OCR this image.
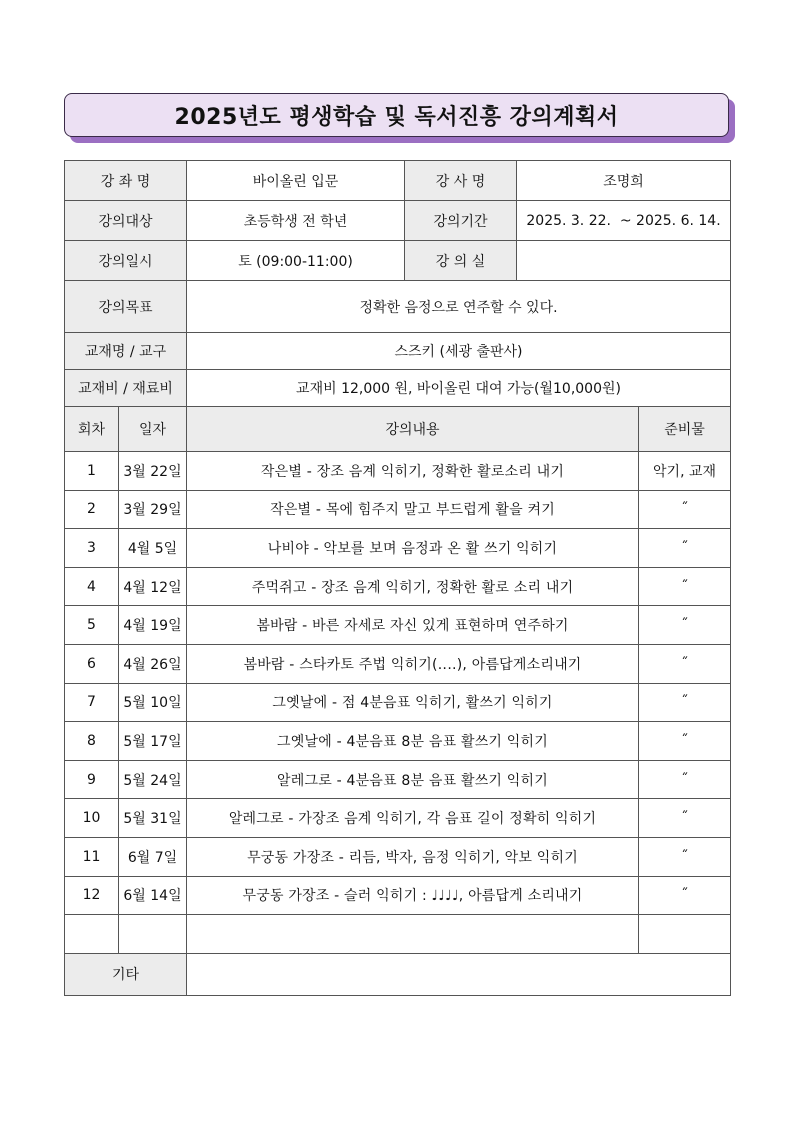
2025년도 평생학습 및 독서진흥 강의계획서
강 좌 명		바이올린 입문	강 사 명	조명희	
강의대상		초등학생 전 학년	강의기간	2025. 3. 22.  ~ 2025. 6. 14.	
강의일시		토 (09:00-11:00)	강 의 실		
강의목표		정확한 음정으로 연주할 수 있다.			
교재명 / 교구		스즈키 (세광 출판사)			
교재비 / 재료비		교재비 12,000 원, 바이올린 대여 가능(월10,000원)			
회차	일자	강의내용			준비물
1	3월 22일	작은별 - 장조 음계 익히기, 정확한 활로소리 내기			악기, 교재
2	3월 29일	작은별 - 목에 힘주지 말고 부드럽게 활을 켜기			˝
3	4월 5일	나비야 - 악보를 보며 음정과 온 활 쓰기 익히기			˝
4	4월 12일	주먹쥐고 - 장조 음계 익히기, 정확한 활로 소리 내기			˝
5	4월 19일	봄바람 - 바른 자세로 자신 있게 표현하며 연주하기			˝
6	4월 26일	봄바람 - 스타카토 주법 익히기(‥‥), 아름답게소리내기			˝
7	5월 10일	그옛날에 - 점 4분음표 익히기, 활쓰기 익히기			˝
8	5월 17일	그옛날에 - 4분음표 8분 음표 활쓰기 익히기			˝
9	5월 24일	알레그로 - 4분음표 8분 음표 활쓰기 익히기			˝
10	5월 31일	알레그로 - 가장조 음계 익히기, 각 음표 길이 정확히 익히기			˝
11	6월 7일	무궁동 가장조 - 리듬, 박자, 음정 익히기, 악보 익히기			˝
12	6월 14일	무궁동 가장조 - 슬러 익히기 : ♩♩♩♩, 아름답게 소리내기			˝

기타					
